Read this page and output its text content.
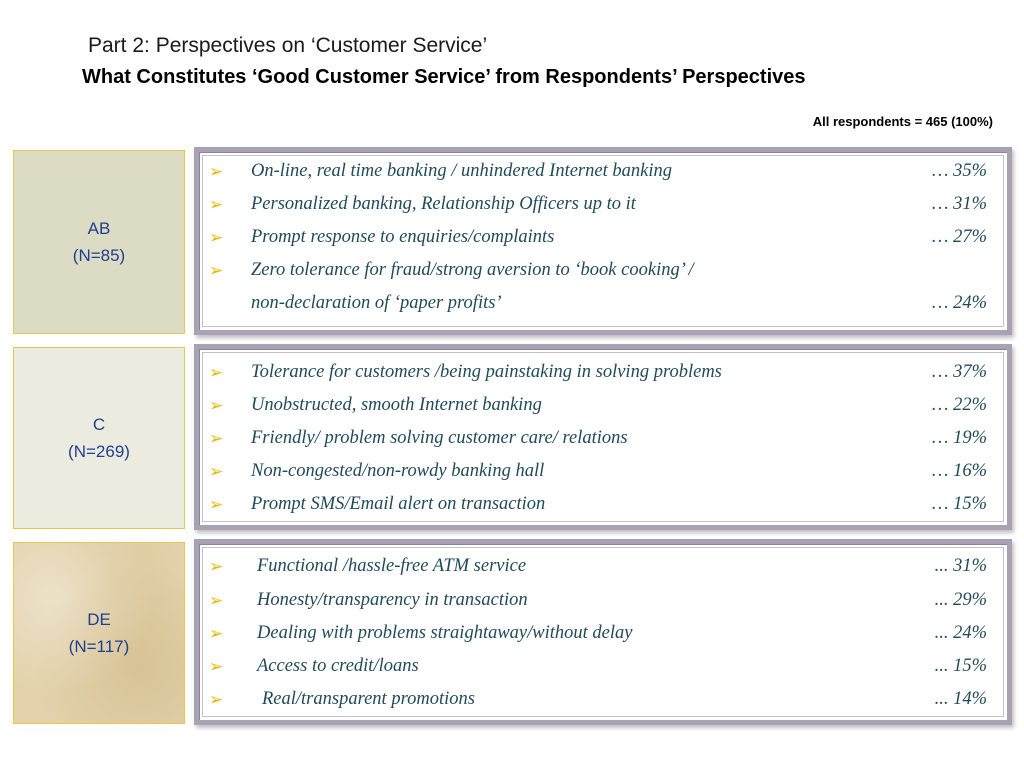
Part 2: Perspectives on ‘Customer Service’
What Constitutes ‘Good Customer Service’ from Respondents’ Perspectives
All respondents = 465 (100%)
AB
(N=85)
➢ On-line, real time banking / unhindered Internet banking	… 35%
➢ Personalized banking, Relationship Officers up to it	… 31%
➢ Prompt response to enquiries/complaints	… 27%
➢ Zero tolerance for fraud/strong aversion to ‘book cooking’ /
non-declaration of ‘paper profits’	… 24%
C
(N=269)
➢ Tolerance for customers /being painstaking in solving problems	… 37%
➢ Unobstructed, smooth Internet banking	… 22%
➢ Friendly/ problem solving customer care/ relations	… 19%
➢ Non-congested/non-rowdy banking hall	… 16%
➢ Prompt SMS/Email alert on transaction	… 15%
DE
(N=117)
➢ Functional /hassle-free ATM service	... 31%
➢ Honesty/transparency in transaction	... 29%
➢ Dealing with problems straightaway/without delay	... 24%
➢ Access to credit/loans	... 15%
➢ Real/transparent promotions	... 14%
